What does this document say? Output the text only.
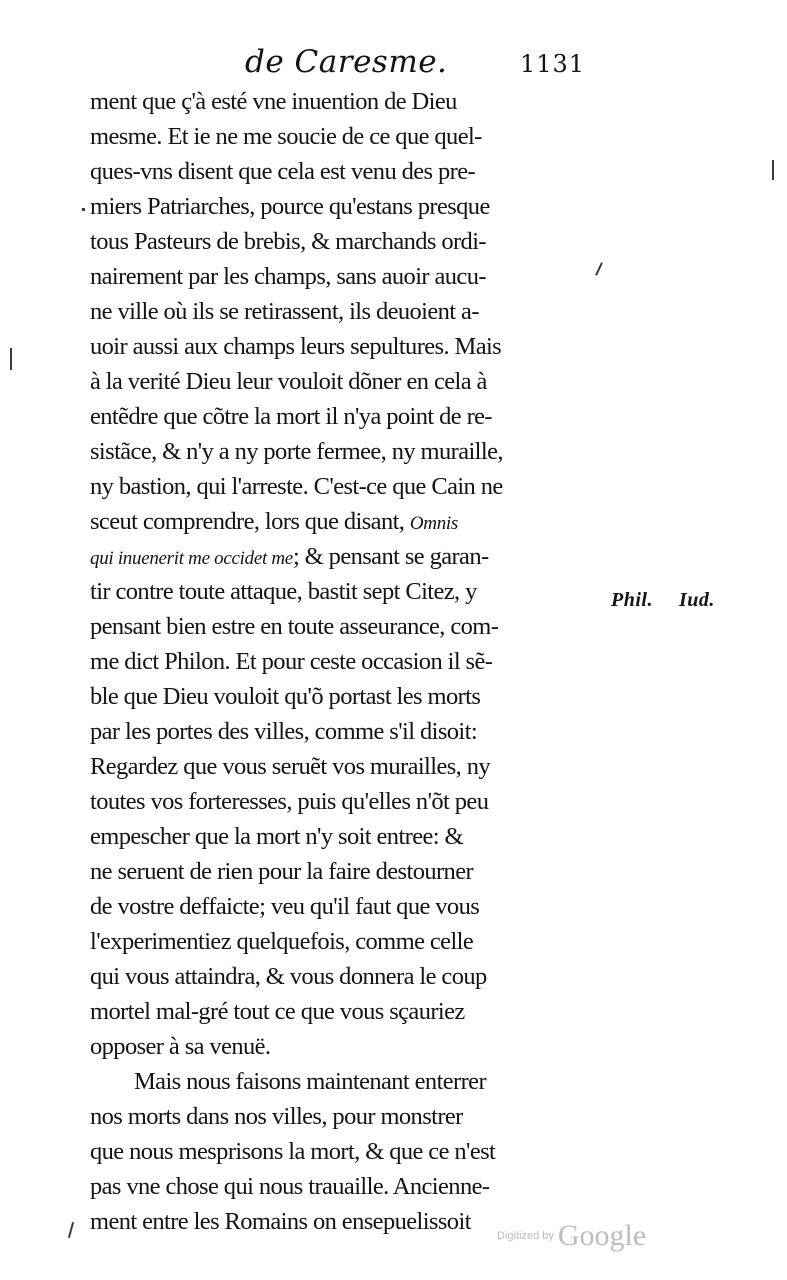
de Caresme.	1131
ment que ç'à esté vne inuention de Dieu
mesme. Et ie ne me soucie de ce que quel-
ques-vns disent que cela est venu des pre-
miers Patriarches, pource qu'estans presque
tous Pasteurs de brebis, & marchands ordi-
nairement par les champs, sans auoir aucu-
ne ville où ils se retirassent, ils deuoient a-
uoir aussi aux champs leurs sepultures. Mais
à la verité Dieu leur vouloit dõner en cela à
entẽdre que cõtre la mort il n'ya point de re-
sistãce, & n'y a ny porte fermee, ny muraille,
ny bastion, qui l'arreste. C'est-ce que Cain ne
sceut comprendre, lors que disant, Omnis
qui inuenerit me occidet me; & pensant se garan-
tir contre toute attaque, bastit sept Citez, y
pensant bien estre en toute asseurance, com-
me dict Philon. Et pour ceste occasion il sẽ-
ble que Dieu vouloit qu'õ portast les morts
par les portes des villes, comme s'il disoit:
Regardez que vous seruẽt vos murailles, ny
toutes vos forteresses, puis qu'elles n'õt peu
empescher que la mort n'y soit entree: &
ne seruent de rien pour la faire destourner
de vostre deffaicte; veu qu'il faut que vous
l'experimentiez quelquefois, comme celle
qui vous attaindra, & vous donnera le coup
mortel mal-gré tout ce que vous sçauriez
opposer à sa venuë.
Mais nous faisons maintenant enterrer
nos morts dans nos villes, pour monstrer
que nous mesprisons la mort, & que ce n'est
pas vne chose qui nous trauaille. Ancienne-
ment entre les Romains on ensepuelissoit
Phil. Iud.
Digitized by Google
